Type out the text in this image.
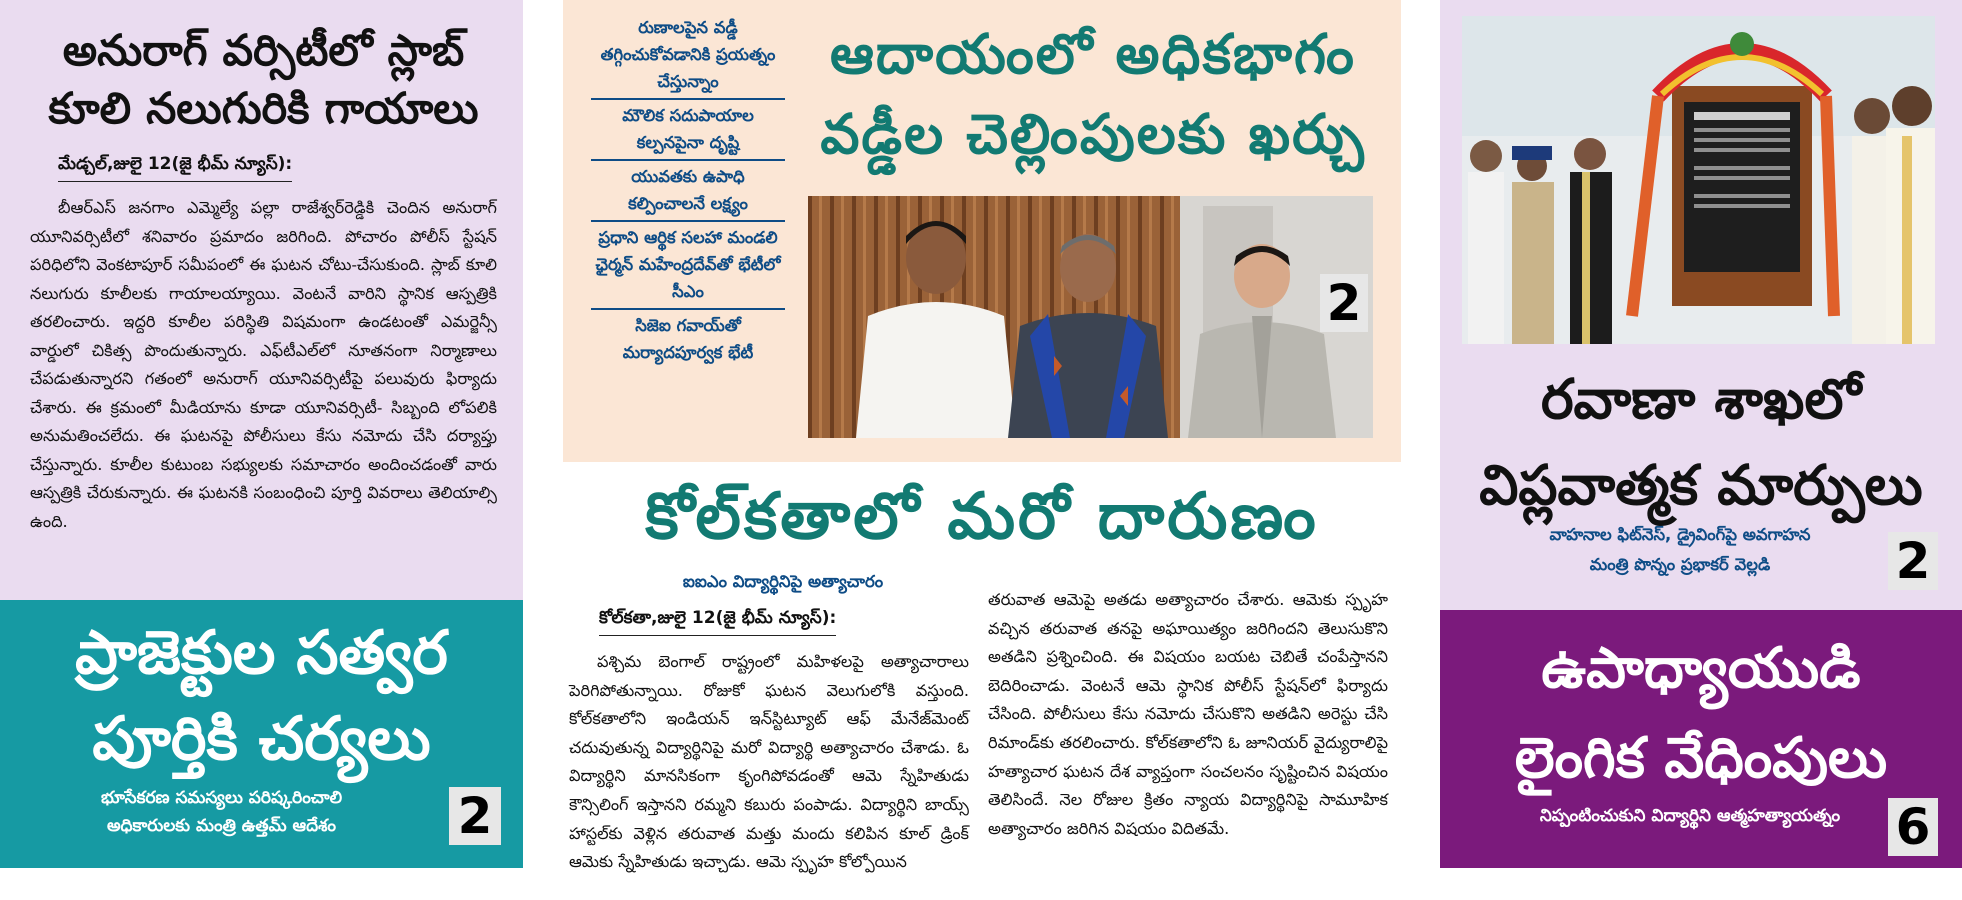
అనురాగ్ వర్సిటీలో స్లాబ్ కూలి నలుగురికి గాయాలు
మేడ్చల్,జులై 12(జై భీమ్ న్యూస్):

బీఆర్ఎస్ జనగాం ఎమ్మెల్యే పల్లా రాజేశ్వర్‌రెడ్డికి చెందిన అనురాగ్ యూనివర్సిటీలో శనివారం ప్రమాదం జరిగింది. పోచారం పోలీస్ స్టేషన్ పరిధిలోని వెంకటాపూర్ సమీపంలో ఈ ఘటన చోటు-చేసుకుంది. స్లాబ్ కూలి నలుగురు కూలీలకు గాయాలయ్యాయి. వెంటనే వారిని స్థానిక ఆస్పత్రికి తరలించారు. ఇద్దరి కూలీల పరిస్థితి విషమంగా ఉండటంతో ఎమర్జెన్సీ వార్డులో చికిత్స పొందుతున్నారు. ఎఫ్‌టీఎల్‌లో నూతనంగా నిర్మాణాలు చేపడుతున్నారని గతంలో అనురాగ్ యూనివర్సిటీపై పలువురు ఫిర్యాదు చేశారు. ఈ క్రమంలో మీడియాను కూడా యూనివర్సిటీ- సిబ్బంది లోపలికి అనుమతించలేదు. ఈ ఘటనపై పోలీసులు కేసు నమోదు చేసి దర్యాప్తు చేస్తున్నారు. కూలీల కుటుంబ సభ్యులకు సమాచారం అందించడంతో వారు ఆస్పత్రికి చేరుకున్నారు. ఈ ఘటనకి సంబంధించి పూర్తి వివరాలు తెలియాల్సి ఉంది.

ప్రాజెక్టుల సత్వర
పూర్తికి చర్యలు
భూసేకరణ సమస్యలు పరిష్కరించాలి
అధికారులకు మంత్రి ఉత్తమ్ ఆదేశం	2
రుణాలపైన వడ్డీ తగ్గించుకోవడానికి ప్రయత్నం చేస్తున్నాం
మౌలిక సదుపాయాల కల్పనపైనా దృష్టి
యువతకు ఉపాధి కల్పించాలనే లక్ష్యం
ప్రధాని ఆర్థిక సలహా మండలి ఛైర్మన్ మహేంద్రదేవ్‌తో భేటీలో సీఎం
సిజెఐ గవాయ్‌తో మర్యాదపూర్వక భేటీ
ఆదాయంలో అధికభాగం
వడ్డీల చెల్లింపులకు ఖర్చు
2
కోల్‌కతాలో మరో దారుణం
ఐఐఎం విద్యార్థినిపై అత్యాచారం
కోల్‌కతా,జులై 12(జై భీమ్ న్యూస్):

పశ్చిమ బెంగాల్ రాష్ట్రంలో మహిళలపై అత్యాచారాలు పెరిగిపోతున్నాయి. రోజుకో ఘటన వెలుగులోకి వస్తుంది. కోల్‌కతాలోని ఇండియన్ ఇన్‌స్టిట్యూట్ ఆఫ్ మేనేజ్‌మెంట్ చదువుతున్న విద్యార్థినిపై మరో విద్యార్థి అత్యాచారం చేశాడు. ఓ విద్యార్థిని మానసికంగా కృంగిపోవడంతో ఆమె స్నేహితుడు కౌన్సిలింగ్ ఇస్తానని రమ్మని కబురు పంపాడు. విద్యార్థిని బాయ్స్ హాస్టల్‌కు వెళ్లిన తరువాత మత్తు మందు కలిపిన కూల్ డ్రింక్ ఆమెకు స్నేహితుడు ఇచ్చాడు. ఆమె స్పృహ కోల్పోయిన

తరువాత ఆమెపై అతడు అత్యాచారం చేశారు. ఆమెకు స్పృహ వచ్చిన తరువాత తనపై అఘాయిత్యం జరిగిందని తెలుసుకొని అతడిని ప్రశ్నించింది. ఈ విషయం బయట చెబితే చంపేస్తానని బెదిరించాడు. వెంటనే ఆమె స్థానిక పోలీస్ స్టేషన్‌లో ఫిర్యాదు చేసింది. పోలీసులు కేసు నమోదు చేసుకొని అతడిని అరెస్టు చేసి రిమాండ్‌కు తరలించారు. కోల్‌కతాలోని ఓ జూనియర్ వైద్యురాలిపై హత్యాచార ఘటన దేశ వ్యాప్తంగా సంచలనం సృష్టించిన విషయం తెలిసిందే. నెల రోజుల క్రితం న్యాయ విద్యార్థినిపై సామూహిక అత్యాచారం జరిగిన విషయం విదితమే.

రవాణా శాఖలో
విప్లవాత్మక మార్పులు
వాహనాల ఫిట్‌నెస్, డ్రైవింగ్‌పై అవగాహన
మంత్రి పొన్నం ప్రభాకర్ వెల్లడి	2
ఉపాధ్యాయుడి
లైంగిక వేధింపులు
నిప్పంటించుకుని విద్యార్థిని ఆత్మహత్యాయత్నం	6
